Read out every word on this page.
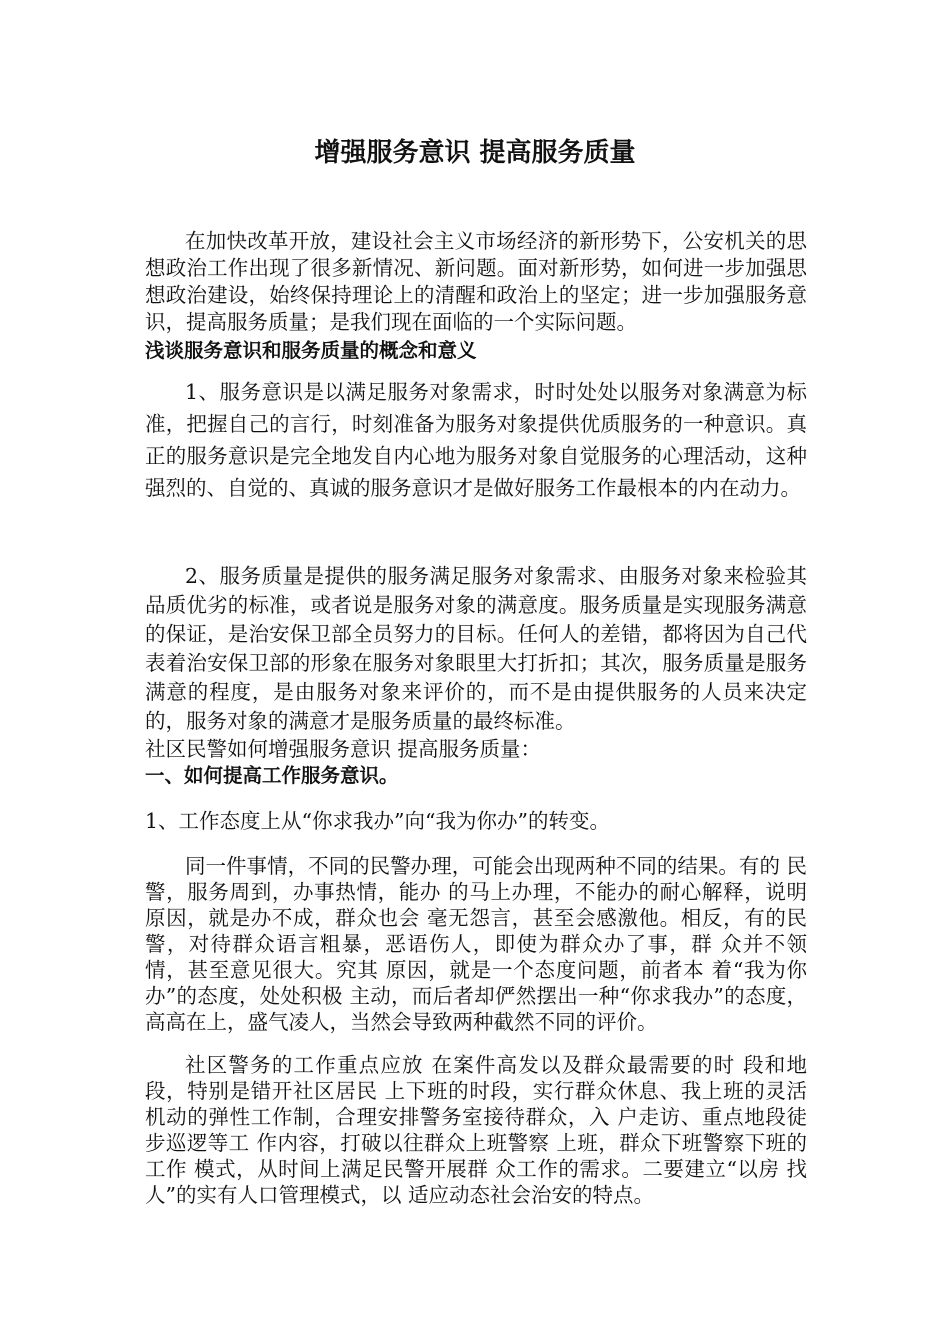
增强服务意识 提高服务质量

在加快改革开放，建设社会主义市场经济的新形势下，公安机关的思想政治工作出现了很多新情况、新问题。面对新形势，如何进一步加强思想政治建设，始终保持理论上的清醒和政治上的坚定；进一步加强服务意识，提高服务质量；是我们现在面临的一个实际问题。

浅谈服务意识和服务质量的概念和意义

1、服务意识是以满足服务对象需求，时时处处以服务对象满意为标准，把握自己的言行，时刻准备为服务对象提供优质服务的一种意识。真正的服务意识是完全地发自内心地为服务对象自觉服务的心理活动，这种强烈的、自觉的、真诚的服务意识才是做好服务工作最根本的内在动力。

2、服务质量是提供的服务满足服务对象需求、由服务对象来检验其品质优劣的标准，或者说是服务对象的满意度。服务质量是实现服务满意的保证，是治安保卫部全员努力的目标。任何人的差错，都将因为自己代表着治安保卫部的形象在服务对象眼里大打折扣；其次，服务质量是服务满意的程度，是由服务对象来评价的，而不是由提供服务的人员来决定的，服务对象的满意才是服务质量的最终标准。

社区民警如何增强服务意识 提高服务质量：

一、如何提高工作服务意识。

1、工作态度上从“你求我办”向“我为你办”的转变。

同一件事情，不同的民警办理，可能会出现两种不同的结果。有的 民警，服务周到，办事热情，能办 的马上办理，不能办的耐心解释，说明原因，就是办不成，群众也会 毫无怨言，甚至会感激他。相反，有的民警，对待群众语言粗暴，恶语伤人，即使为群众办了事，群 众并不领情，甚至意见很大。究其 原因，就是一个态度问题，前者本 着“我为你办”的态度，处处积极 主动，而后者却俨然摆出一种“你求我办”的态度，高高在上，盛气凌人，当然会导致两种截然不同的评价。

社区警务的工作重点应放 在案件高发以及群众最需要的时 段和地段，特别是错开社区居民 上下班的时段，实行群众休息、我上班的灵活机动的弹性工作制，合理安排警务室接待群众，入 户走访、重点地段徒步巡逻等工 作内容，打破以往群众上班警察 上班，群众下班警察下班的工作 模式，从时间上满足民警开展群 众工作的需求。二要建立“以房 找人”的实有人口管理模式，以 适应动态社会治安的特点。
